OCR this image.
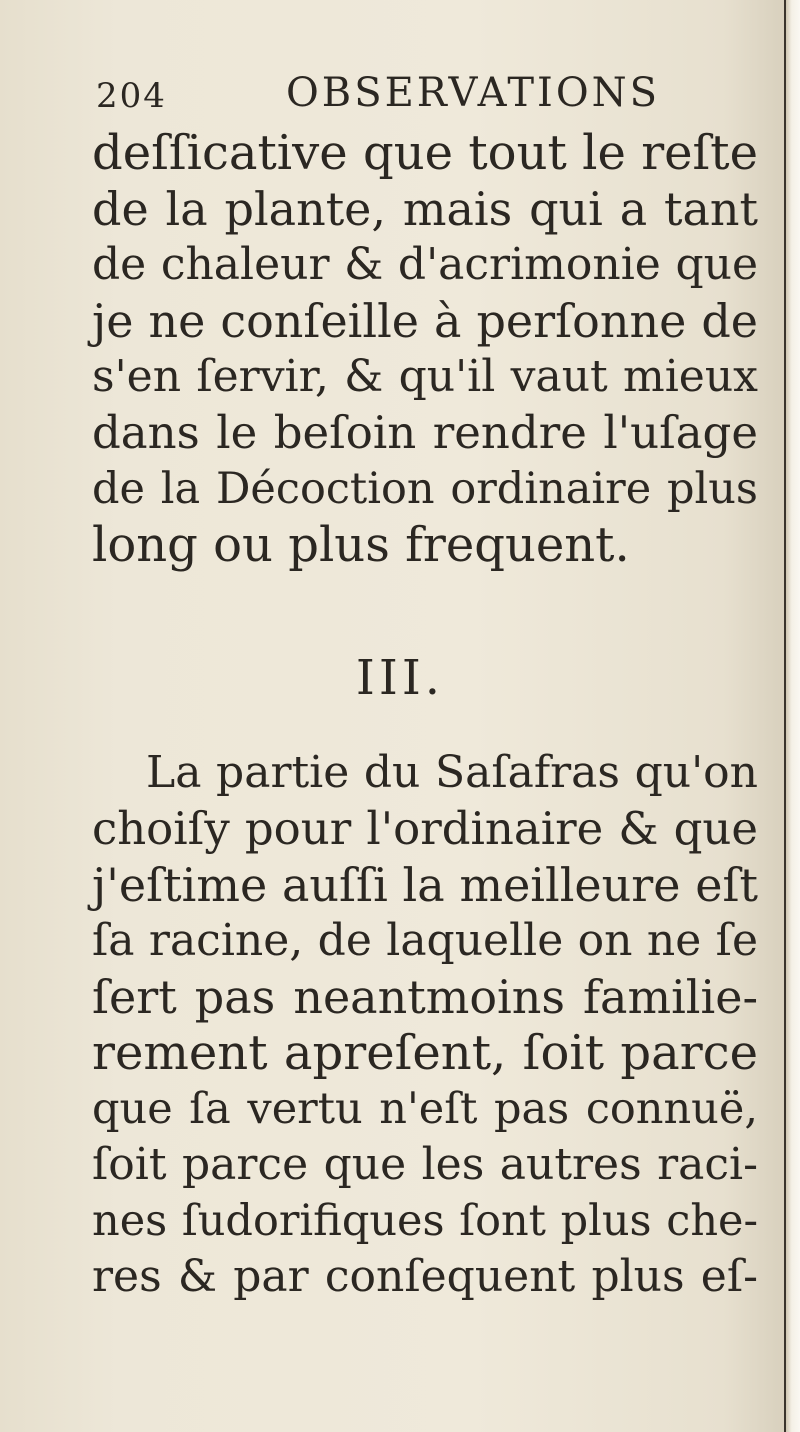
204	OBSERVATIONS
deſſicative que tout le reſte
de la plante, mais qui a tant
de chaleur & d'acrimonie que
je ne conſeille à perſonne de
s'en ſervir, & qu'il vaut mieux
dans le beſoin rendre l'uſage
de la Décoction ordinaire plus
long ou plus frequent.
III.
La partie du Saſafras qu'on
choiſy pour l'ordinaire & que
j'eſtime auſſi la meilleure eſt
ſa racine, de laquelle on ne ſe
ſert pas neantmoins familie-
rement apreſent, ſoit parce
que ſa vertu n'eſt pas connuë,
ſoit parce que les autres raci-
nes ſudorifiques ſont plus che-
res & par conſequent plus eſ-
